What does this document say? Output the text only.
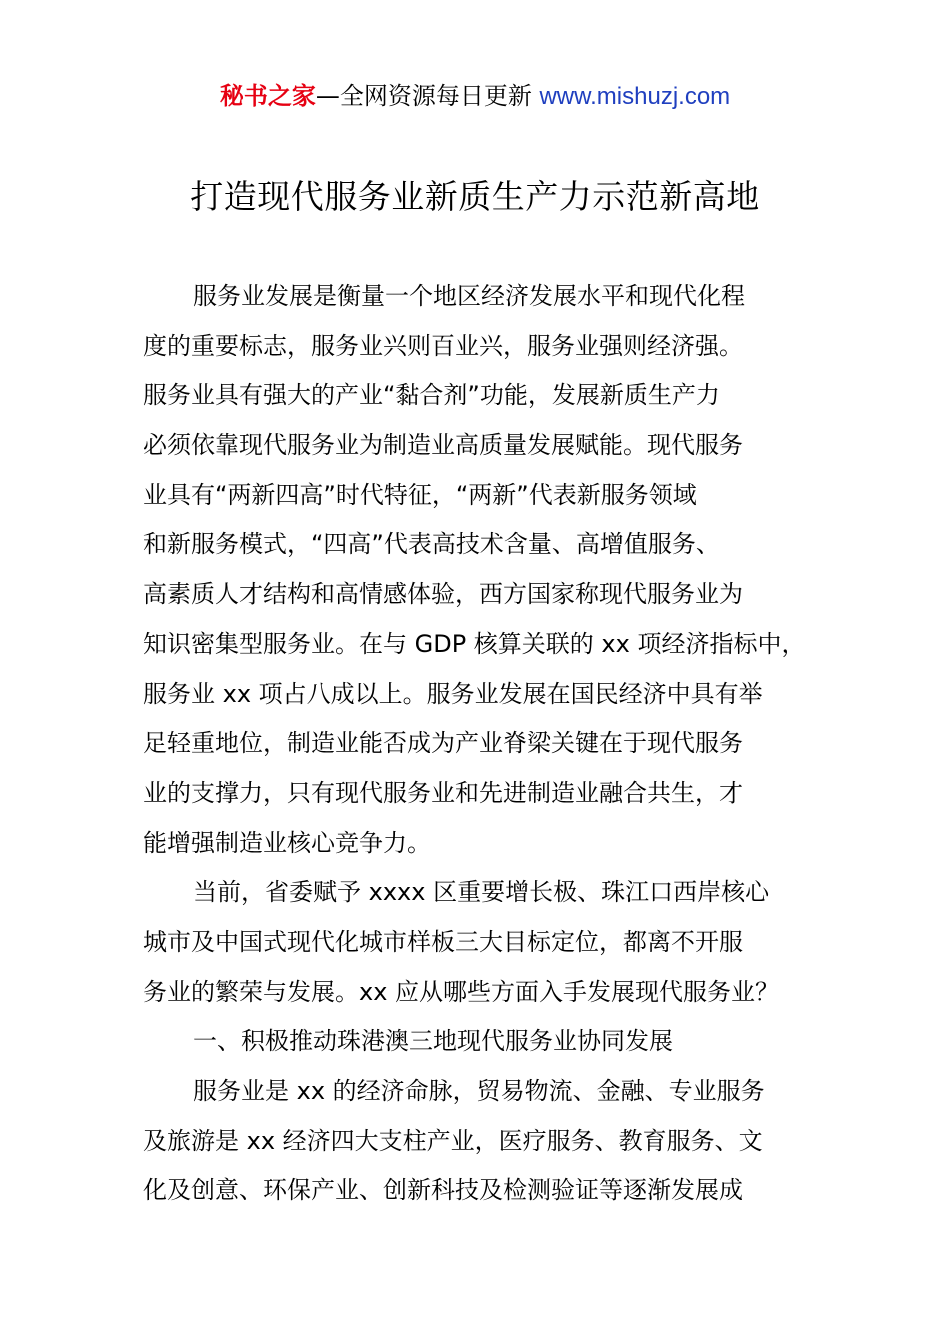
秘书之家—全网资源每日更新 www.mishuzj.com
打造现代服务业新质生产力示范新高地
服务业发展是衡量一个地区经济发展水平和现代化程
度的重要标志，服务业兴则百业兴，服务业强则经济强。
服务业具有强大的产业“黏合剂”功能，发展新质生产力
必须依靠现代服务业为制造业高质量发展赋能。现代服务
业具有“两新四高”时代特征，“两新”代表新服务领域
和新服务模式，“四高”代表高技术含量、高增值服务、
高素质人才结构和高情感体验，西方国家称现代服务业为
知识密集型服务业。在与 GDP 核算关联的 xx 项经济指标中，
服务业 xx 项占八成以上。服务业发展在国民经济中具有举
足轻重地位，制造业能否成为产业脊梁关键在于现代服务
业的支撑力，只有现代服务业和先进制造业融合共生，才
能增强制造业核心竞争力。
当前，省委赋予 xxxx 区重要增长极、珠江口西岸核心
城市及中国式现代化城市样板三大目标定位，都离不开服
务业的繁荣与发展。xx 应从哪些方面入手发展现代服务业？
一、积极推动珠港澳三地现代服务业协同发展
服务业是 xx 的经济命脉，贸易物流、金融、专业服务
及旅游是 xx 经济四大支柱产业，医疗服务、教育服务、文
化及创意、环保产业、创新科技及检测验证等逐渐发展成
